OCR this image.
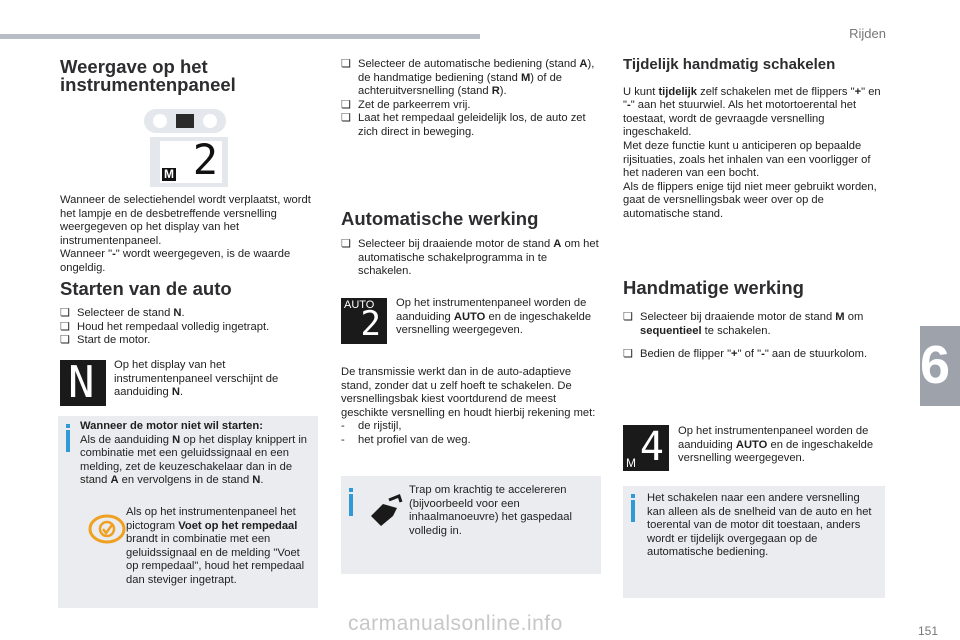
Rijden
6
Weergave op het
instrumentenpaneel
M 2

Wanneer de selectiehendel wordt verplaatst, wordt het lampje en de desbetreffende versnelling weergegeven op het display van het instrumentenpaneel.

Wanneer "-" wordt weergegeven, is de waarde ongeldig.

Starten van de auto
❏ Selecteer de stand N.
❏ Houd het rempedaal volledig ingetrapt.
❏ Start de motor.
N Op het display van het instrumentenpaneel verschijnt de aanduiding N.

Wanneer de motor niet wil starten:
Als de aanduiding N op het display knippert in combinatie met een geluidssignaal en een melding, zet de keuzeschakelaar dan in de stand A en vervolgens in de stand N.

Als op het instrumentenpaneel het pictogram Voet op het rempedaal brandt in combinatie met een geluidssignaal en de melding "Voet op rempedaal", houd het rempedaal dan steviger ingetrapt.

❏ Selecteer de automatische bediening (stand A), de handmatige bediening (stand M) of de achteruitversnelling (stand R).
❏ Zet de parkeerrem vrij.
❏ Laat het rempedaal geleidelijk los, de auto zet zich direct in beweging.
Automatische werking
❏ Selecteer bij draaiende motor de stand A om het automatische schakelprogramma in te schakelen.
AUTO
2

Op het instrumentenpaneel worden de aanduiding AUTO en de ingeschakelde versnelling weergegeven.

De transmissie werkt dan in de auto-adaptieve stand, zonder dat u zelf hoeft te schakelen. De versnellingsbak kiest voortdurend de meest geschikte versnelling en houdt hierbij rekening met:

- de rijstijl,
- het profiel van de weg.

Trap om krachtig te accelereren (bijvoorbeeld voor een inhaalmanoeuvre) het gaspedaal volledig in.

Tijdelijk handmatig schakelen

U kunt tijdelijk zelf schakelen met de flippers "+" en "-" aan het stuurwiel. Als het motortoerental het toestaat, wordt de gevraagde versnelling ingeschakeld.

Met deze functie kunt u anticiperen op bepaalde rijsituaties, zoals het inhalen van een voorligger of het naderen van een bocht.

Als de flippers enige tijd niet meer gebruikt worden, gaat de versnellingsbak weer over op de automatische stand.

Handmatige werking
❏ Selecteer bij draaiende motor de stand M om sequentieel te schakelen.
❏ Bedien de flipper "+" of "-" aan de stuurkolom.
M 4 Op het instrumentenpaneel worden de aanduiding AUTO en de ingeschakelde versnelling weergegeven.

Het schakelen naar een andere versnelling kan alleen als de snelheid van de auto en het toerental van de motor dit toestaan, anders wordt er tijdelijk overgegaan op de automatische bediening.

carmanualsonline.info	151
